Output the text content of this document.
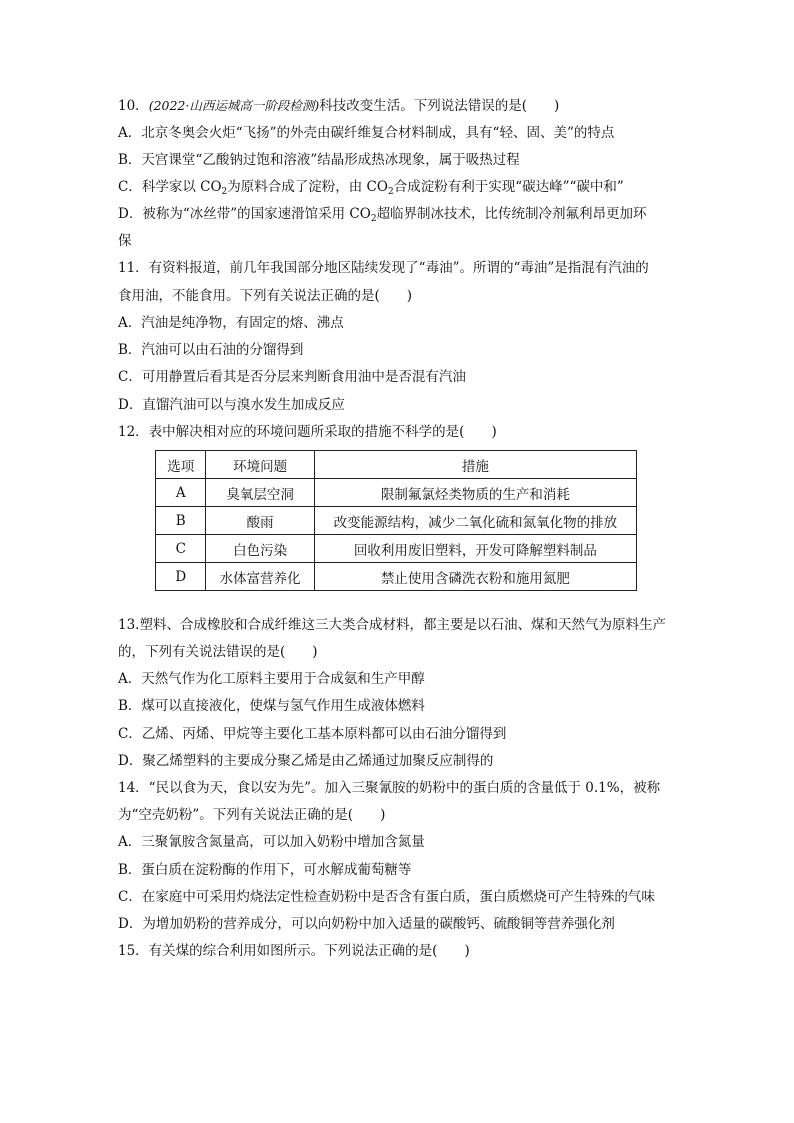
10．(2022·山西运城高一阶段检测)科技改变生活。下列说法错误的是(　　)
A．北京冬奥会火炬“飞扬”的外壳由碳纤维复合材料制成，具有“轻、固、美”的特点
B．天宫课堂“乙酸钠过饱和溶液”结晶形成热冰现象，属于吸热过程
C．科学家以 $CO_2$为原料合成了淀粉，由 $CO_2$合成淀粉有利于实现“碳达峰”“碳中和”
D．被称为“冰丝带”的国家速滑馆采用 $CO_2$超临界制冰技术，比传统制冷剂氟利昂更加环
保
11．有资料报道，前几年我国部分地区陆续发现了“毒油”。所谓的“毒油”是指混有汽油的
食用油，不能食用。下列有关说法正确的是(　　)
A．汽油是纯净物，有固定的熔、沸点
B．汽油可以由石油的分馏得到
C．可用静置后看其是否分层来判断食用油中是否混有汽油
D．直馏汽油可以与溴水发生加成反应
12．表中解决相对应的环境问题所采取的措施不科学的是(　　)
选项	环境问题	措施
A	臭氧层空洞	限制氟氯烃类物质的生产和消耗
B	酸雨	改变能源结构，减少二氧化硫和氮氧化物的排放
C	白色污染	回收利用废旧塑料，开发可降解塑料制品
D	水体富营养化	禁止使用含磷洗衣粉和施用氮肥
13.塑料、合成橡胶和合成纤维这三大类合成材料，都主要是以石油、煤和天然气为原料生产
的，下列有关说法错误的是(　　)
A．天然气作为化工原料主要用于合成氨和生产甲醇
B．煤可以直接液化，使煤与氢气作用生成液体燃料
C．乙烯、丙烯、甲烷等主要化工基本原料都可以由石油分馏得到
D．聚乙烯塑料的主要成分聚乙烯是由乙烯通过加聚反应制得的
14．“民以食为天，食以安为先”。加入三聚氰胺的奶粉中的蛋白质的含量低于 0.1%，被称
为“空壳奶粉”。下列有关说法正确的是(　　)
A．三聚氰胺含氮量高，可以加入奶粉中增加含氮量
B．蛋白质在淀粉酶的作用下，可水解成葡萄糖等
C．在家庭中可采用灼烧法定性检查奶粉中是否含有蛋白质，蛋白质燃烧可产生特殊的气味
D．为增加奶粉的营养成分，可以向奶粉中加入适量的碳酸钙、硫酸铜等营养强化剂
15．有关煤的综合利用如图所示。下列说法正确的是(　　)
